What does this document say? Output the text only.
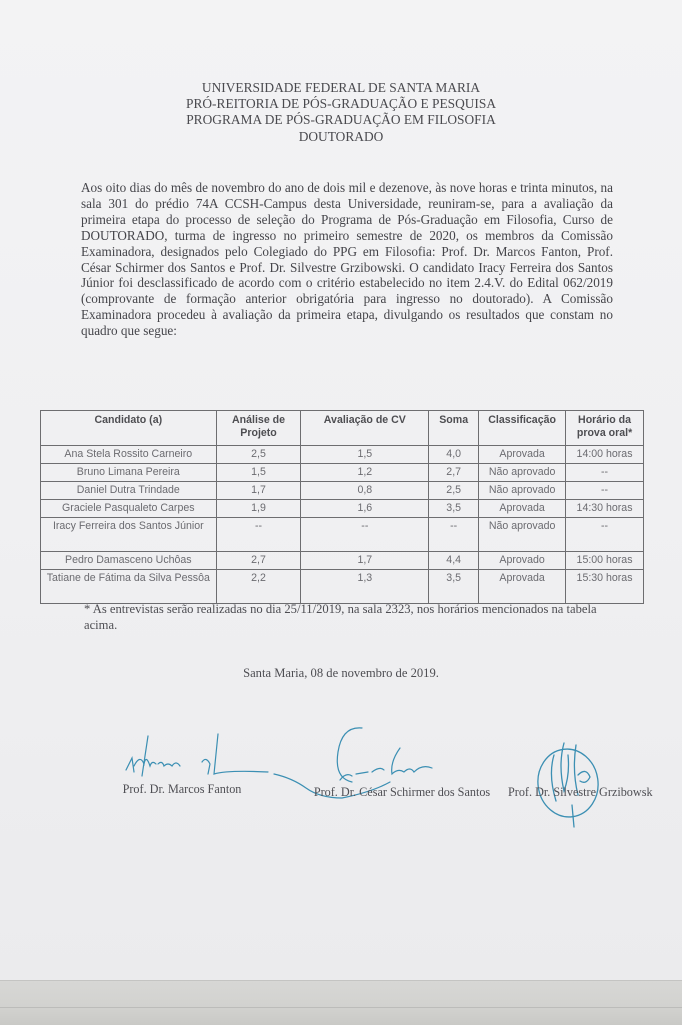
UNIVERSIDADE FEDERAL DE SANTA MARIA
PRÓ-REITORIA DE PÓS-GRADUAÇÃO E PESQUISA
PROGRAMA DE PÓS-GRADUAÇÃO EM FILOSOFIA
DOUTORADO
Aos oito dias do mês de novembro do ano de dois mil e dezenove, às nove horas e trinta minutos, na sala 301 do prédio 74A CCSH-Campus desta Universidade, reuniram-se, para a avaliação da primeira etapa do processo de seleção do Programa de Pós-Graduação em Filosofia, Curso de DOUTORADO, turma de ingresso no primeiro semestre de 2020, os membros da Comissão Examinadora, designados pelo Colegiado do PPG em Filosofia: Prof. Dr. Marcos Fanton, Prof. César Schirmer dos Santos e Prof. Dr. Silvestre Grzibowski. O candidato Iracy Ferreira dos Santos Júnior foi desclassificado de acordo com o critério estabelecido no item 2.4.V. do Edital 062/2019 (comprovante de formação anterior obrigatória para ingresso no doutorado). A Comissão Examinadora procedeu à avaliação da primeira etapa, divulgando os resultados que constam no quadro que segue:
Candidato (a)	Análise de Projeto	Avaliação de CV	Soma	Classificação	Horário da prova oral*
Ana Stela Rossito Carneiro	2,5	1,5	4,0	Aprovada	14:00 horas
Bruno Limana Pereira	1,5	1,2	2,7	Não aprovado	--
Daniel Dutra Trindade	1,7	0,8	2,5	Não aprovado	--
Graciele Pasqualeto Carpes	1,9	1,6	3,5	Aprovada	14:30 horas
Iracy Ferreira dos Santos Júnior	--	--	--	Não aprovado	--
Pedro Damasceno Uchôas	2,7	1,7	4,4	Aprovado	15:00 horas
Tatiane de Fátima da Silva Pessôa	2,2	1,3	3,5	Aprovada	15:30 horas
* As entrevistas serão realizadas no dia 25/11/2019, na sala 2323, nos horários mencionados na tabela acima.
Santa Maria, 08 de novembro de 2019.
Prof. Dr. Marcos Fanton	Prof. Dr. César Schirmer dos Santos	Prof. Dr. Silvestre Grzibowsk
